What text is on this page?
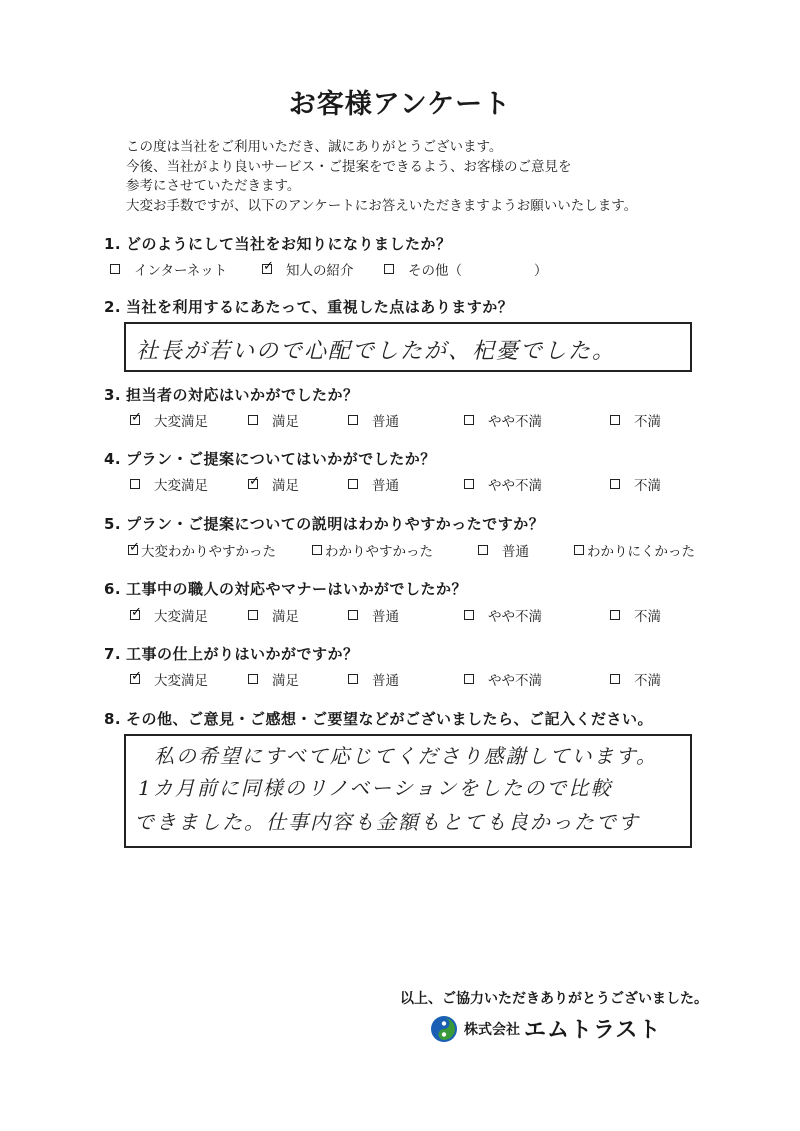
お客様アンケート
この度は当社をご利用いただき、誠にありがとうございます。
今後、当社がより良いサービス・ご提案をできるよう、お客様のご意見を
参考にさせていただきます。
大変お手数ですが、以下のアンケートにお答えいただきますようお願いいたします。
1. どのようにして当社をお知りになりましたか？
インターネット	✓ 知人の紹介	その他（	）
2. 当社を利用するにあたって、重視した点はありますか？
社長が若いので心配でしたが、杞憂でした。
3. 担当者の対応はいかがでしたか？
✓ 大変満足	満足	普通	やや不満	不満
4. プラン・ご提案についてはいかがでしたか？
大変満足	✓ 満足	普通	やや不満	不満
5. プラン・ご提案についての説明はわかりやすかったですか？
✓ 大変わかりやすかった	わかりやすかった	普通	わかりにくかった
6. 工事中の職人の対応やマナーはいかがでしたか？
✓ 大変満足	満足	普通	やや不満	不満
7. 工事の仕上がりはいかがですか？
✓ 大変満足	満足	普通	やや不満	不満
8. その他、ご意見・ご感想・ご要望などがございましたら、ご記入ください。
私の希望にすべて応じてくださり感謝しています。
1カ月前に同様のリノベーションをしたので比較
できました。仕事内容も金額もとても良かったです
以上、ご協力いただきありがとうございました。
株式会社 エムトラスト
